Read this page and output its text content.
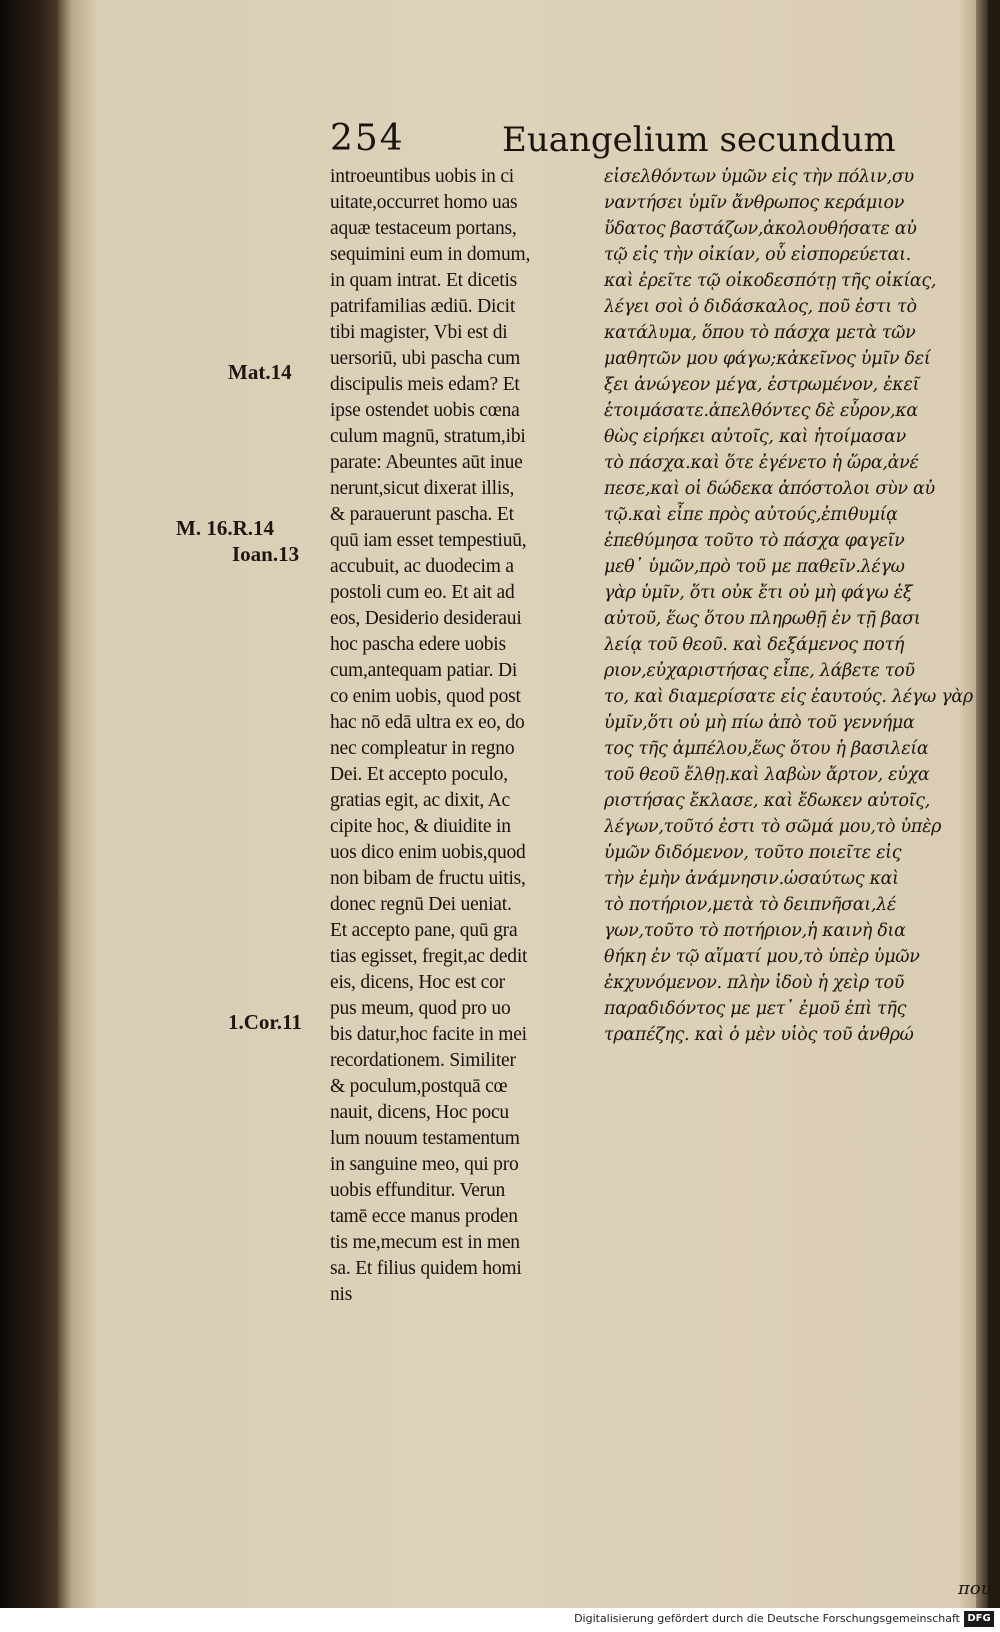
254	Euangelium secundum
Mat.14
M. 16.R.14
Ioan.13
1.Cor.11
introeuntibus uobis in ci
uitate,occurret homo uas
aquæ testaceum portans,
sequimini eum in domum,
in quam intrat. Et dicetis
patrifamilias ædiū. Dicit
tibi magister, Vbi est di
uersoriū, ubi pascha cum
discipulis meis edam? Et
ipse ostendet uobis cœna
culum magnū, stratum,ibi
parate: Abeuntes aūt inue
nerunt,sicut dixerat illis,
& parauerunt pascha. Et
quū iam esset tempestiuū,
accubuit, ac duodecim a
postoli cum eo. Et ait ad
eos, Desiderio desideraui
hoc pascha edere uobis
cum,antequam patiar. Di
co enim uobis, quod post
hac nō edā ultra ex eo, do
nec compleatur in regno
Dei. Et accepto poculo,
gratias egit, ac dixit, Ac
cipite hoc, & diuidite in
uos dico enim uobis,quod
non bibam de fructu uitis,
donec regnū Dei ueniat.
Et accepto pane, quū gra
tias egisset, fregit,ac dedit
eis, dicens, Hoc est cor
pus meum, quod pro uo
bis datur,hoc facite in mei
recordationem. Similiter
& poculum,postquā cœ
nauit, dicens, Hoc pocu
lum nouum testamentum
in sanguine meo, qui pro
uobis effunditur. Verun
tamē ecce manus proden
tis me,mecum est in men
sa. Et filius quidem homi
nis
εἰσελθόντων ὑμῶν εἰς τὴν πόλιν,συ
ναντήσει ὑμῖν ἄνθρωπος κεράμιον
ὕδατος βαστάζων,ἀκολουθήσατε αὐ
τῷ εἰς τὴν οἰκίαν, οὗ εἰσπορεύεται.
καὶ ἐρεῖτε τῷ οἰκοδεσπότῃ τῆς οἰκίας,
λέγει σοὶ ὁ διδάσκαλος, ποῦ ἐστι τὸ
κατάλυμα, ὅπου τὸ πάσχα μετὰ τῶν
μαθητῶν μου φάγω;κἀκεῖνος ὑμῖν δεί
ξει ἀνώγεον μέγα, ἐστρωμένον, ἐκεῖ
ἑτοιμάσατε.ἀπελθόντες δὲ εὗρον,κα
θὼς εἰρήκει αὐτοῖς, καὶ ἡτοίμασαν
τὸ πάσχα.καὶ ὅτε ἐγένετο ἡ ὥρα,ἀνέ
πεσε,καὶ οἱ δώδεκα ἀπόστολοι σὺν αὐ
τῷ.καὶ εἶπε πρὸς αὐτούς,ἐπιθυμίᾳ
ἐπεθύμησα τοῦτο τὸ πάσχα φαγεῖν
μεθ᾽ ὑμῶν,πρὸ τοῦ με παθεῖν.λέγω
γὰρ ὑμῖν, ὅτι οὐκ ἔτι οὐ μὴ φάγω ἐξ
αὐτοῦ, ἕως ὅτου πληρωθῇ ἐν τῇ βασι
λείᾳ τοῦ θεοῦ. καὶ δεξάμενος ποτή
ριον,εὐχαριστήσας εἶπε, λάβετε τοῦ
το, καὶ διαμερίσατε εἰς ἑαυτούς. λέγω γὰρ
ὑμῖν,ὅτι οὐ μὴ πίω ἀπὸ τοῦ γεννήμα
τος τῆς ἀμπέλου,ἕως ὅτου ἡ βασιλεία
τοῦ θεοῦ ἔλθῃ.καὶ λαβὼν ἄρτον, εὐχα
ριστήσας ἔκλασε, καὶ ἔδωκεν αὐτοῖς,
λέγων,τοῦτό ἐστι τὸ σῶμά μου,τὸ ὑπὲρ
ὑμῶν διδόμενον, τοῦτο ποιεῖτε εἰς
τὴν ἐμὴν ἀνάμνησιν.ὡσαύτως καὶ
τὸ ποτήριον,μετὰ τὸ δειπνῆσαι,λέ
γων,τοῦτο τὸ ποτήριον,ἡ καινὴ δια
θήκη ἐν τῷ αἵματί μου,τὸ ὑπὲρ ὑμῶν
ἐκχυνόμενον. πλὴν ἰδοὺ ἡ χεὶρ τοῦ
παραδιδόντος με μετ᾽ ἐμοῦ ἐπὶ τῆς
τραπέζης. καὶ ὁ μὲν υἱὸς τοῦ ἀνθρώ
που
Digitalisierung gefördert durch die Deutsche Forschungsgemeinschaft DFG
